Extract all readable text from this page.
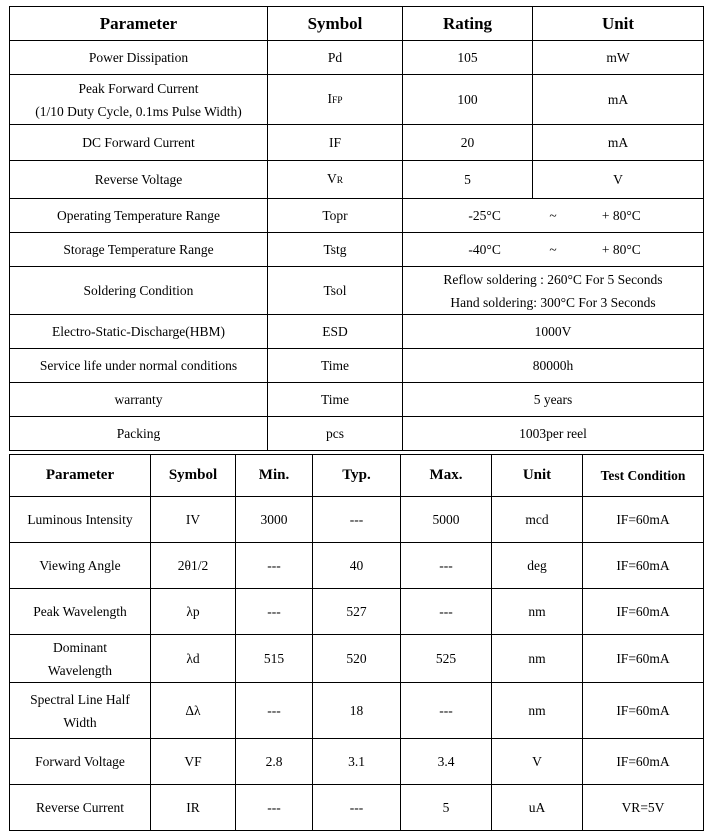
Parameter	Symbol	Rating	Unit
Power Dissipation	Pd	105	mW

Peak Forward Current
(1/10 Duty Cycle, 0.1ms Pulse Width)	IFP	100	mA
DC Forward Current	IF	20	mA
Reverse Voltage	VR	5	V
Operating Temperature Range	Topr	-25°C ~ + 80°C	
Storage Temperature Range	Tstg	-40°C ~ + 80°C	
Soldering Condition	Tsol	Reflow soldering : 260°C For 5 Seconds
Hand soldering: 300°C For 3 Seconds	

Electro-Static-Discharge(HBM)	ESD	1000V	
Service life under normal conditions	Time	80000h	
warranty	Time	5 years	
Packing	pcs	1003per reel	
Parameter	Symbol	Min.	Typ.	Max.	Unit	Test Condition
Luminous Intensity	IV	3000	---	5000	mcd	IF=60mA
Viewing Angle	2θ1/2	---	40	---	deg	IF=60mA
Peak Wavelength	λp	---	527	---	nm	IF=60mA

Dominant
Wavelength	λd	515	520	525	nm	IF=60mA

Spectral Line Half
Width	Δλ	---	18	---	nm	IF=60mA
Forward Voltage	VF	2.8	3.1	3.4	V	IF=60mA
Reverse Current	IR	---	---	5	uA	VR=5V
